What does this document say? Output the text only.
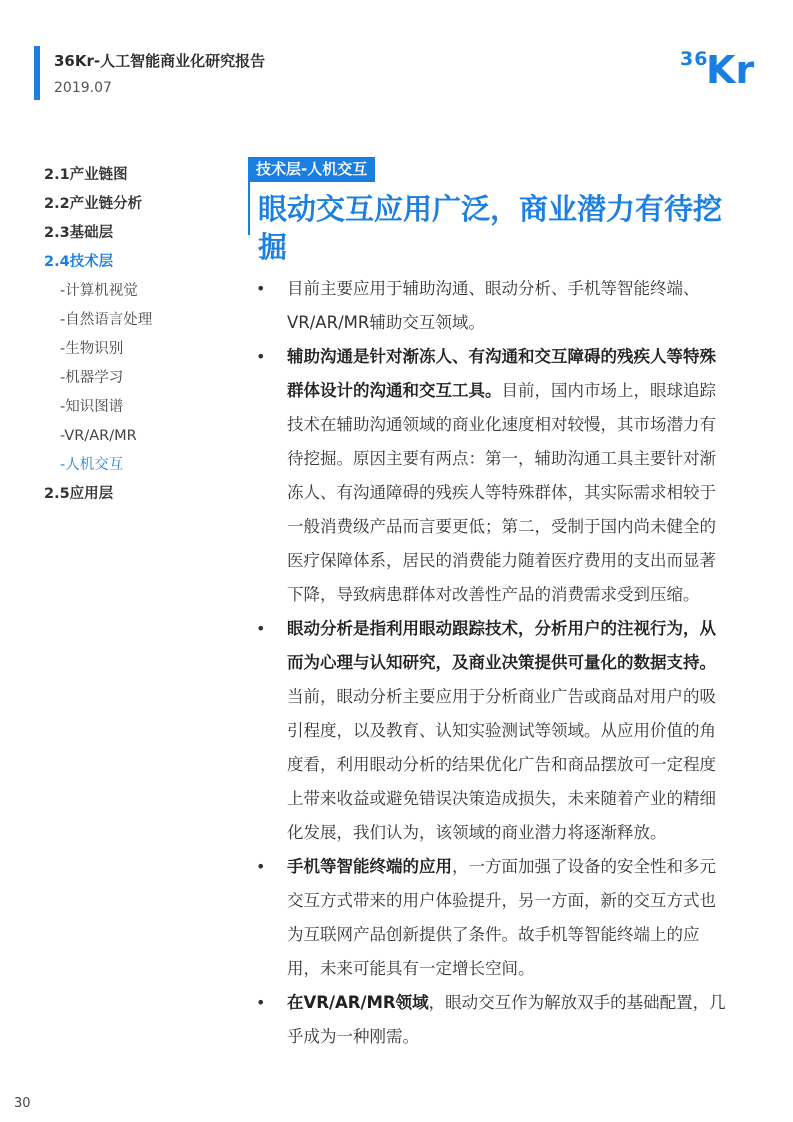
36Kr-人工智能商业化研究报告
2019.07
36
Kr
2.1产业链图
2.2产业链分析
2.3基础层
2.4技术层
-计算机视觉
-自然语言处理
-生物识别
-机器学习
-知识图谱
-VR/AR/MR
-人机交互
2.5应用层
技术层-人机交互
眼动交互应用广泛，商业潜力有待挖掘
• 目前主要应用于辅助沟通、眼动分析、手机等智能终端、VR/AR/MR辅助交互领域。
• 辅助沟通是针对渐冻人、有沟通和交互障碍的残疾人等特殊群体设计的沟通和交互工具。目前，国内市场上，眼球追踪技术在辅助沟通领域的商业化速度相对较慢，其市场潜力有待挖掘。原因主要有两点：第一，辅助沟通工具主要针对渐冻人、有沟通障碍的残疾人等特殊群体，其实际需求相较于一般消费级产品而言要更低；第二，受制于国内尚未健全的医疗保障体系，居民的消费能力随着医疗费用的支出而显著下降，导致病患群体对改善性产品的消费需求受到压缩。
• 眼动分析是指利用眼动跟踪技术，分析用户的注视行为，从而为心理与认知研究，及商业决策提供可量化的数据支持。当前，眼动分析主要应用于分析商业广告或商品对用户的吸引程度，以及教育、认知实验测试等领域。从应用价值的角度看，利用眼动分析的结果优化广告和商品摆放可一定程度上带来收益或避免错误决策造成损失，未来随着产业的精细化发展，我们认为，该领域的商业潜力将逐渐释放。
• 手机等智能终端的应用，一方面加强了设备的安全性和多元交互方式带来的用户体验提升，另一方面，新的交互方式也为互联网产品创新提供了条件。故手机等智能终端上的应用，未来可能具有一定增长空间。
• 在VR/AR/MR领域，眼动交互作为解放双手的基础配置，几乎成为一种刚需。
30
